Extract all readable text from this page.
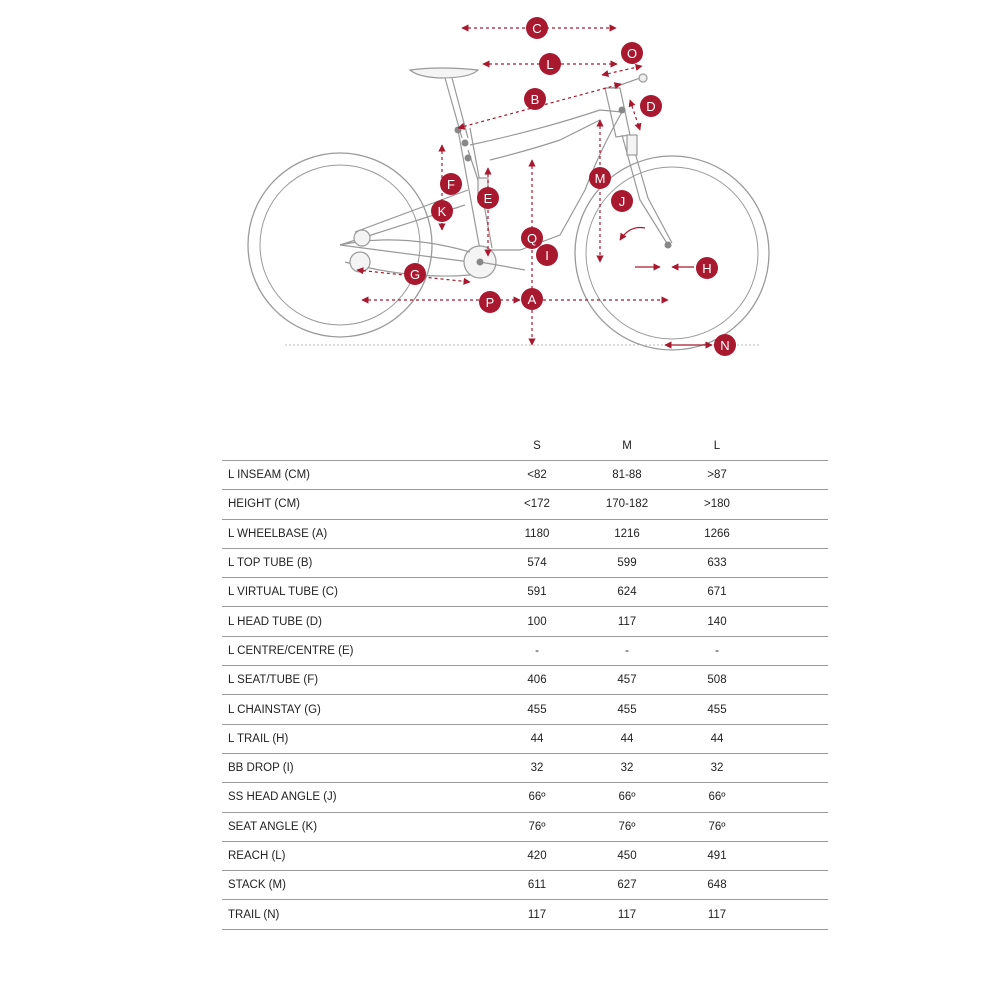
C
L
O
B	D
M
J
F
K
E
Q
I
H
G
A
P
N
	S	M	L	
L INSEAM (CM)	<82	81-88	>87	
HEIGHT (CM)	<172	170-182	>180	
L WHEELBASE (A)	1180	1216	1266	
L TOP TUBE (B)	574	599	633	
L VIRTUAL TUBE (C)	591	624	671	
L HEAD TUBE (D)	100	117	140	
L CENTRE/CENTRE (E)	-	-	-	
L SEAT/TUBE (F)	406	457	508	
L CHAINSTAY (G)	455	455	455	
L TRAIL (H)	44	44	44	
BB DROP (I)	32	32	32	
SS HEAD ANGLE (J)	66º	66º	66º	
SEAT ANGLE (K)	76º	76º	76º	
REACH (L)	420	450	491	
STACK (M)	611	627	648	
TRAIL (N)	117	117	117	
